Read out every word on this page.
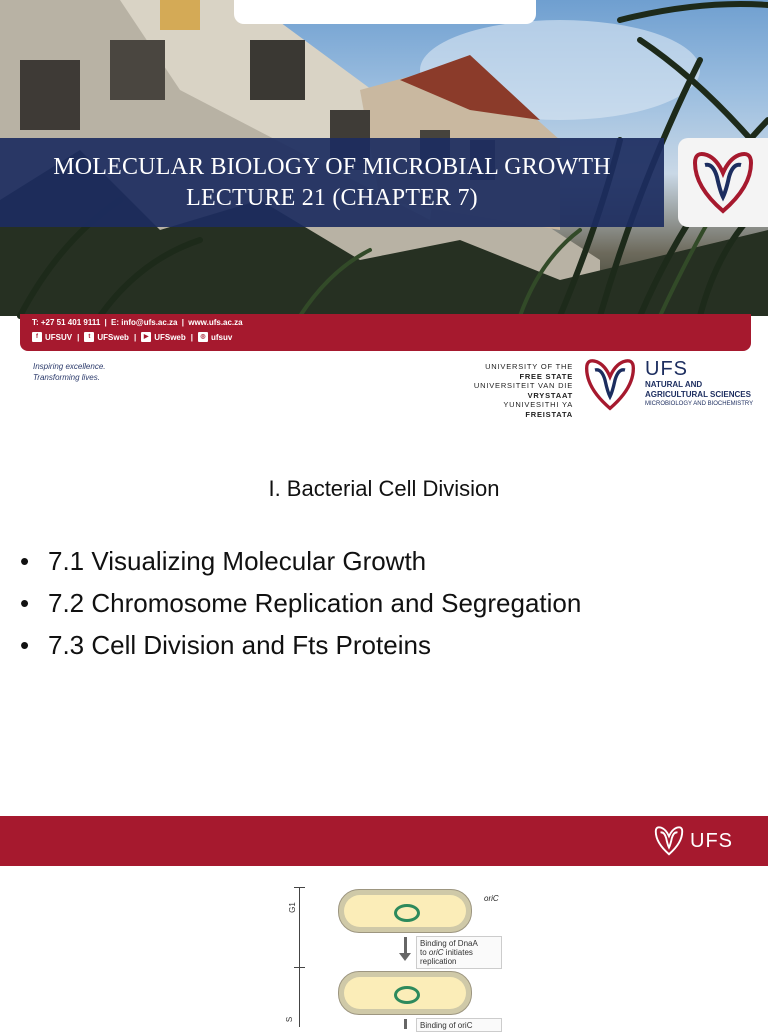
MOLECULAR BIOLOGY OF MICROBIAL GROWTH
LECTURE 21 (CHAPTER 7)
T: +27 51 401 9111 | E: info@ufs.ac.za | www.ufs.ac.za
f UFSUV |	t UFSweb |	▶ UFSweb |	◎ ufsuv
Inspiring excellence.
Transforming lives.
UNIVERSITY OF THE
FREE STATE
UNIVERSITEIT VAN DIE
VRYSTAAT
YUNIVESITHI YA
FREISTATA
UFS
NATURAL AND
AGRICULTURAL SCIENCES
MICROBIOLOGY AND BIOCHEMISTRY
I. Bacterial Cell Division
• 7.1 Visualizing Molecular Growth
• 7.2 Chromosome Replication and Segregation
• 7.3 Cell Division and Fts Proteins
UFS
G1
S
oriC
Binding of DnaA
to oriC initiates
replication
Binding of oriC
